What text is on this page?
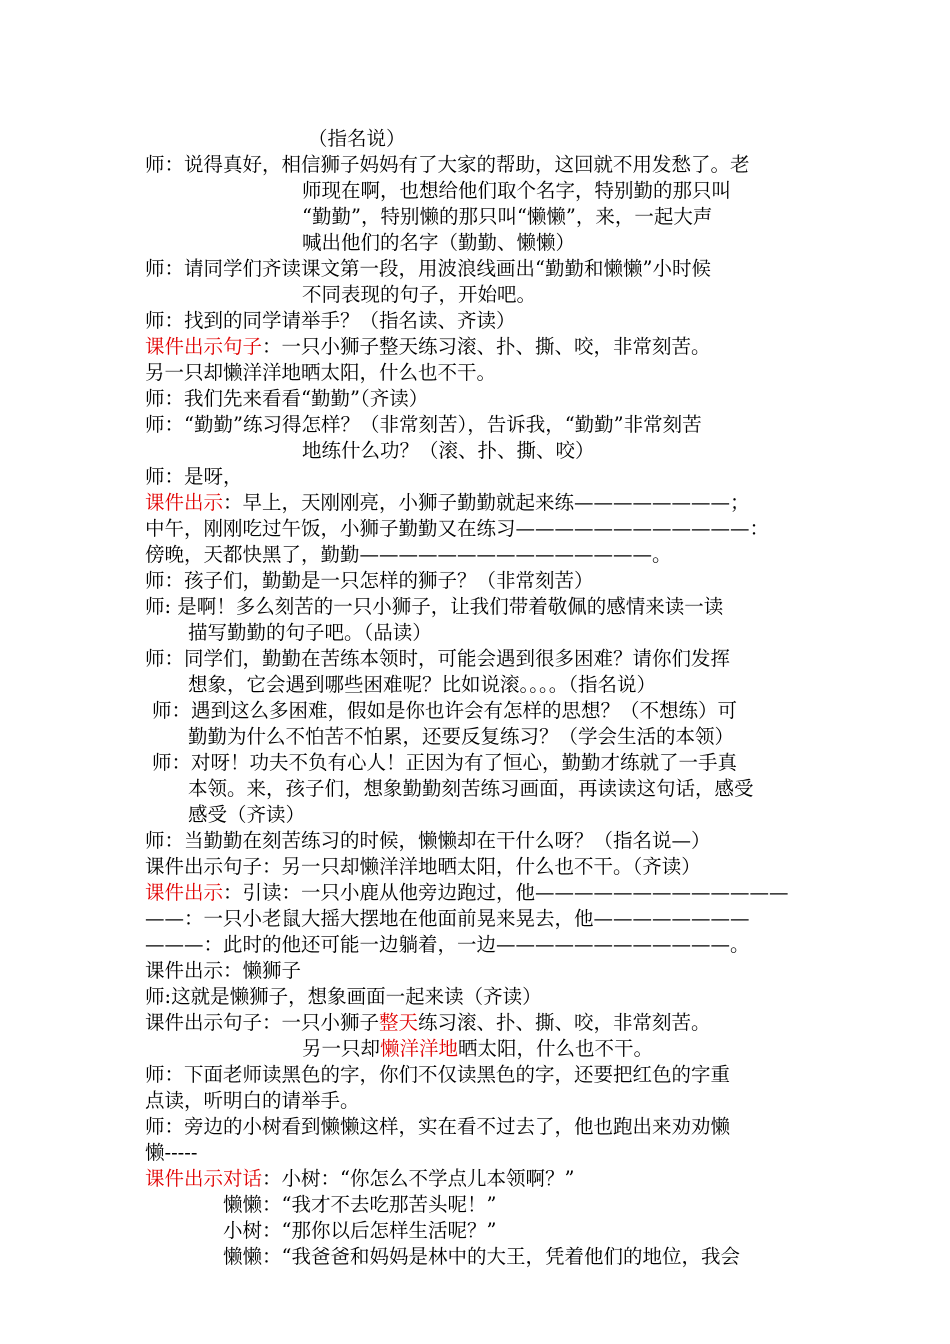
（指名说）
师：说得真好，相信狮子妈妈有了大家的帮助，这回就不用发愁了。老
师现在啊，也想给他们取个名字，特别勤的那只叫
“勤勤”，特别懒的那只叫“懒懒”，来，一起大声
喊出他们的名字（勤勤、懒懒）
师：请同学们齐读课文第一段，用波浪线画出“勤勤和懒懒”小时候
不同表现的句子，开始吧。
师：找到的同学请举手？（指名读、齐读）
课件出示句子：一只小狮子整天练习滚、扑、撕、咬，非常刻苦。
另一只却懒洋洋地晒太阳，什么也不干。
师：我们先来看看“勤勤”（齐读）
师：“勤勤”练习得怎样？（非常刻苦），告诉我，“勤勤”非常刻苦
地练什么功？（滚、扑、撕、咬）
师：是呀，
课件出示：早上，天刚刚亮，小狮子勤勤就起来练————————；
中午，刚刚吃过午饭，小狮子勤勤又在练习————————————：
傍晚，天都快黑了，勤勤———————————————。
师：孩子们，勤勤是一只怎样的狮子？（非常刻苦）
师: 是啊！多么刻苦的一只小狮子，让我们带着敬佩的感情来读一读
描写勤勤的句子吧。（品读）
师：同学们，勤勤在苦练本领时，可能会遇到很多困难？请你们发挥
想象，它会遇到哪些困难呢？比如说滚。。。。（指名说）
师：遇到这么多困难，假如是你也许会有怎样的思想？（不想练）可
勤勤为什么不怕苦不怕累，还要反复练习？（学会生活的本领）
师：对呀！功夫不负有心人！正因为有了恒心，勤勤才练就了一手真
本领。来，孩子们，想象勤勤刻苦练习画面，再读读这句话，感受
感受（齐读）
师：当勤勤在刻苦练习的时候，懒懒却在干什么呀？（指名说—）
课件出示句子：另一只却懒洋洋地晒太阳，什么也不干。（齐读）
课件出示：引读：一只小鹿从他旁边跑过，他—————————————
——：一只小老鼠大摇大摆地在他面前晃来晃去，他————————
———：此时的他还可能一边躺着，一边————————————。
课件出示：懒狮子
师:这就是懒狮子，想象画面一起来读（齐读）
课件出示句子：一只小狮子整天练习滚、扑、撕、咬，非常刻苦。
另一只却懒洋洋地晒太阳，什么也不干。
师：下面老师读黑色的字，你们不仅读黑色的字，还要把红色的字重
点读，听明白的请举手。
师：旁边的小树看到懒懒这样，实在看不过去了，他也跑出来劝劝懒
懒-----
课件出示对话：小树：“你怎么不学点儿本领啊？”
懒懒：“我才不去吃那苦头呢！”
小树：“那你以后怎样生活呢？”
懒懒：“我爸爸和妈妈是林中的大王，凭着他们的地位，我会
